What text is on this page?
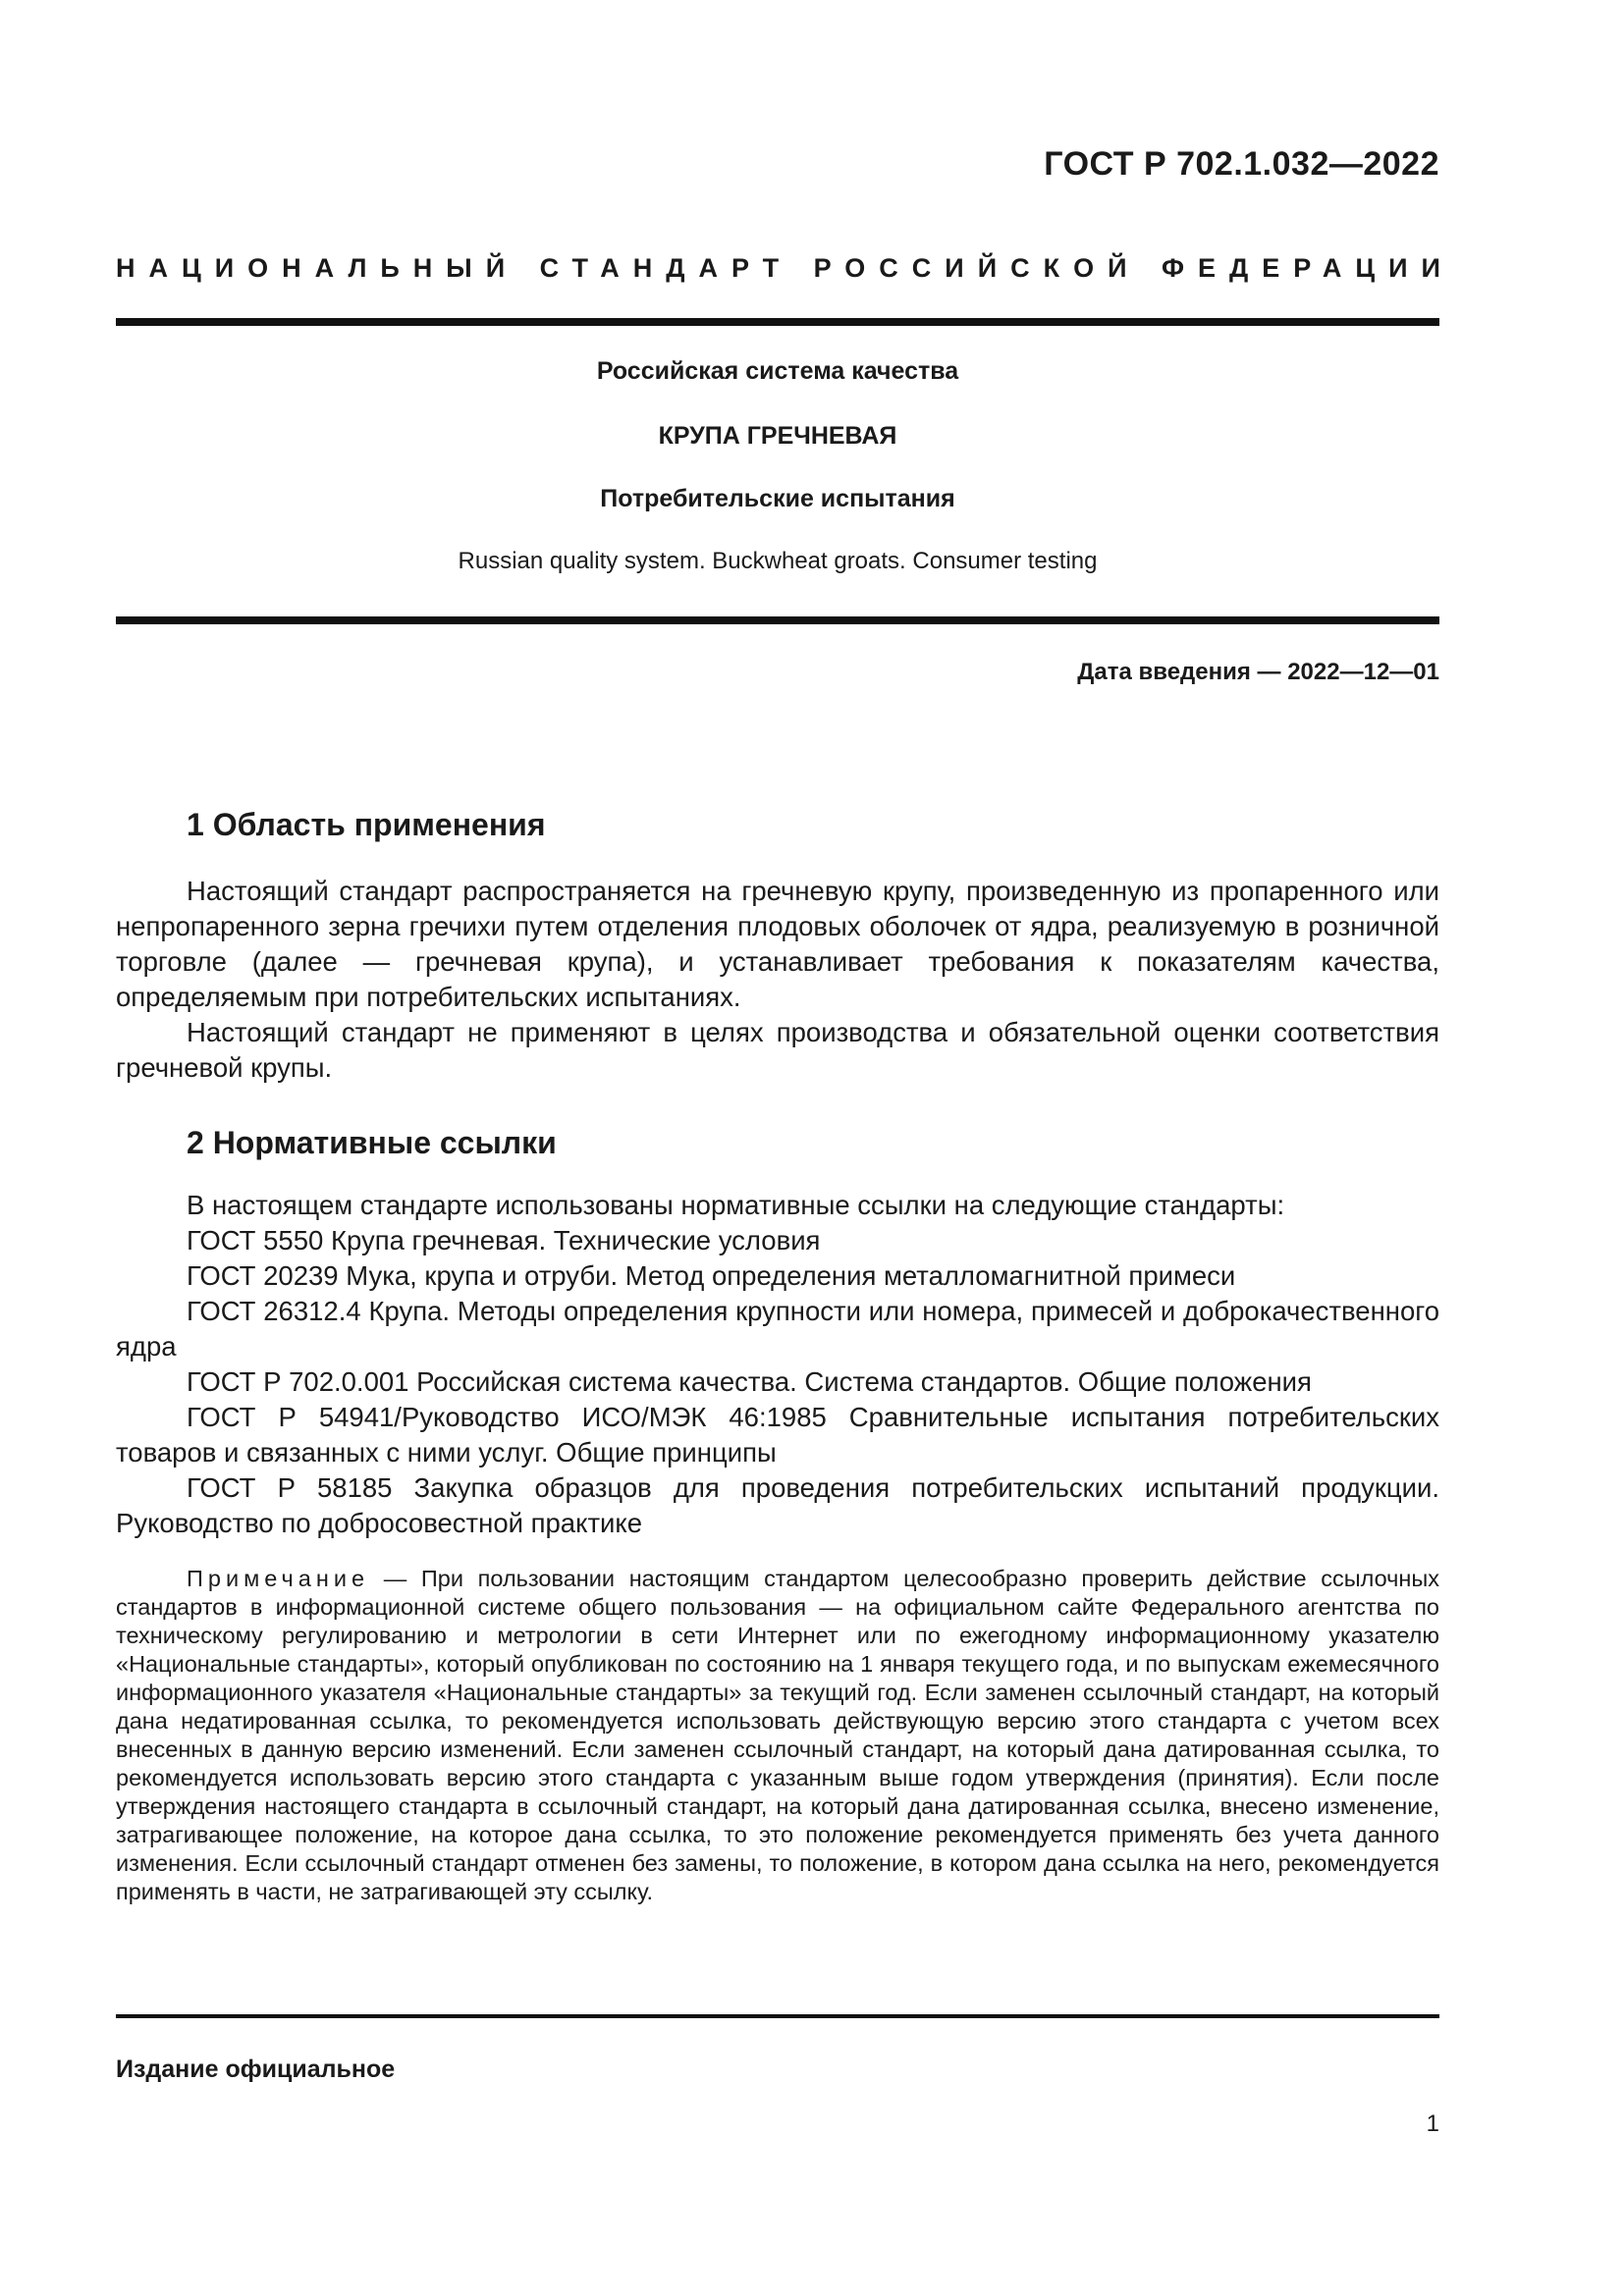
ГОСТ Р 702.1.032—2022
НАЦИОНАЛЬНЫЙ СТАНДАРТ РОССИЙСКОЙ ФЕДЕРАЦИИ
Российская система качества
КРУПА ГРЕЧНЕВАЯ
Потребительские испытания
Russian quality system. Buckwheat groats. Consumer testing
Дата введения — 2022—12—01
1 Область применения

Настоящий стандарт распространяется на гречневую крупу, произведенную из пропаренного или непропаренного зерна гречихи путем отделения плодовых оболочек от ядра, реализуемую в розничной торговле (далее — гречневая крупа), и устанавливает требования к показателям качества, определяемым при потребительских испытаниях.

Настоящий стандарт не применяют в целях производства и обязательной оценки соответствия гречневой крупы.

2 Нормативные ссылки

В настоящем стандарте использованы нормативные ссылки на следующие стандарты:

ГОСТ 5550 Крупа гречневая. Технические условия

ГОСТ 20239 Мука, крупа и отруби. Метод определения металломагнитной примеси

ГОСТ 26312.4 Крупа. Методы определения крупности или номера, примесей и доброкачественного ядра

ГОСТ Р 702.0.001 Российская система качества. Система стандартов. Общие положения

ГОСТ Р 54941/Руководство ИСО/МЭК 46:1985 Сравнительные испытания потребительских товаров и связанных с ними услуг. Общие принципы

ГОСТ Р 58185 Закупка образцов для проведения потребительских испытаний продукции. Руководство по добросовестной практике

Примечание — При пользовании настоящим стандартом целесообразно проверить действие ссылочных стандартов в информационной системе общего пользования — на официальном сайте Федерального агентства по техническому регулированию и метрологии в сети Интернет или по ежегодному информационному указателю «Национальные стандарты», который опубликован по состоянию на 1 января текущего года, и по выпускам ежемесячного информационного указателя «Национальные стандарты» за текущий год. Если заменен ссылочный стандарт, на который дана недатированная ссылка, то рекомендуется использовать действующую версию этого стандарта с учетом всех внесенных в данную версию изменений. Если заменен ссылочный стандарт, на который дана датированная ссылка, то рекомендуется использовать версию этого стандарта с указанным выше годом утверждения (принятия). Если после утверждения настоящего стандарта в ссылочный стандарт, на который дана датированная ссылка, внесено изменение, затрагивающее положение, на которое дана ссылка, то это положение рекомендуется применять без учета данного изменения. Если ссылочный стандарт отменен без замены, то положение, в котором дана ссылка на него, рекомендуется применять в части, не затрагивающей эту ссылку.
Издание официальное
1
